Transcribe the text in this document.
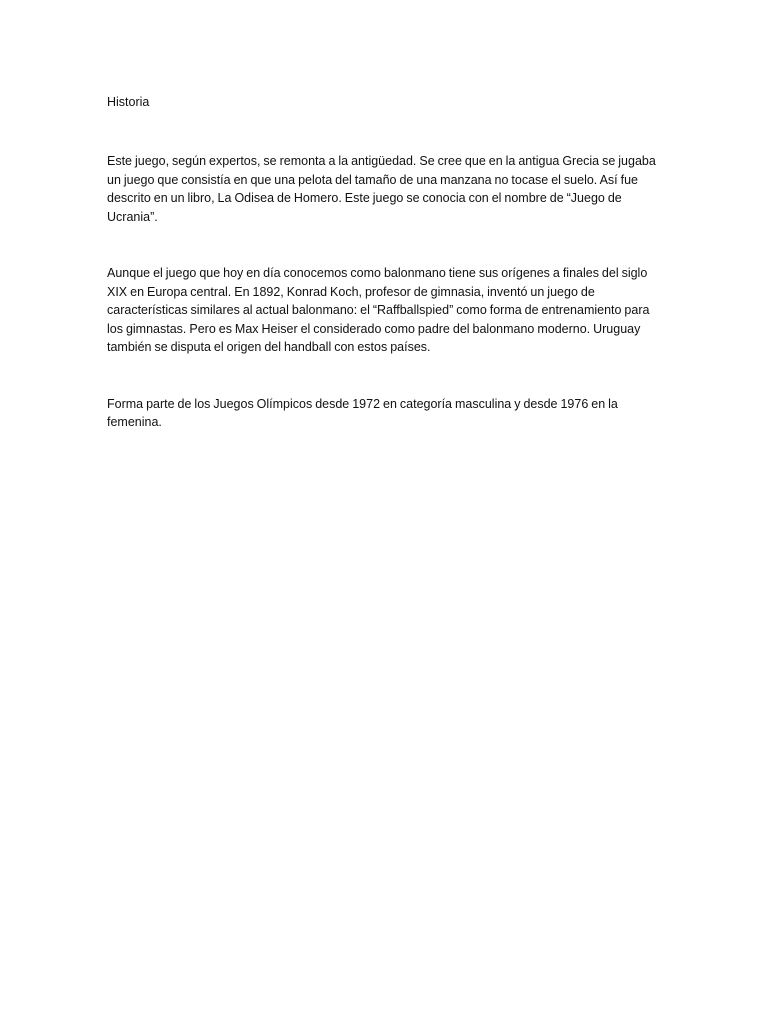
Historia

Este juego, según expertos, se remonta a la antigüedad. Se cree que en la antigua Grecia se jugaba un juego que consistía en que una pelota del tamaño de una manzana no tocase el suelo. Así fue descrito en un libro, La Odisea de Homero. Este juego se conocia con el nombre de “Juego de Ucrania”.

Aunque el juego que hoy en día conocemos como balonmano tiene sus orígenes a finales del siglo XIX en Europa central. En 1892, Konrad Koch, profesor de gimnasia, inventó un juego de características similares al actual balonmano: el “Raffballspied” como forma de entrenamiento para los gimnastas. Pero es Max Heiser el considerado como padre del balonmano moderno. Uruguay también se disputa el origen del handball con estos países.

Forma parte de los Juegos Olímpicos desde 1972 en categoría masculina y desde 1976 en la femenina.
